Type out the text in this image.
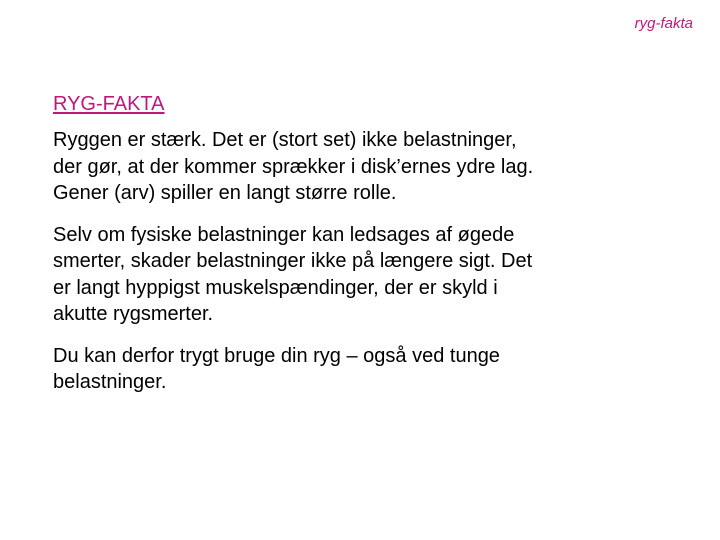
ryg-fakta
RYG-FAKTA

Ryggen er stærk. Det er (stort set) ikke belastninger,
der gør, at der kommer sprækker i disk’ernes ydre lag.
Gener (arv) spiller en langt større rolle.

Selv om fysiske belastninger kan ledsages af øgede
smerter, skader belastninger ikke på længere sigt. Det
er langt hyppigst muskelspændinger, der er skyld i
akutte rygsmerter.

Du kan derfor trygt bruge din ryg – også ved tunge
belastninger.
